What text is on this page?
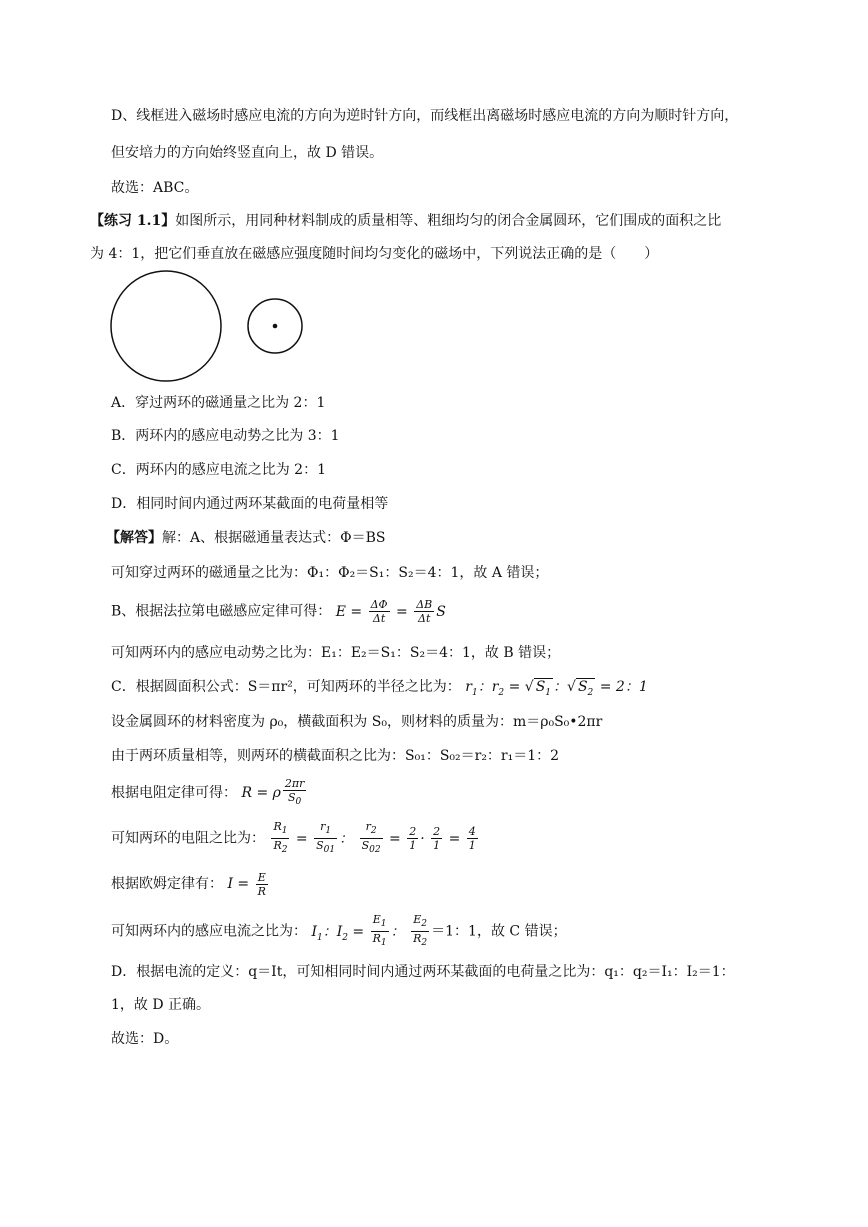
D、线框进入磁场时感应电流的方向为逆时针方向，而线框出离磁场时感应电流的方向为顺时针方向，
但安培力的方向始终竖直向上，故 D 错误。
故选：ABC。
【练习 1.1】如图所示，用同种材料制成的质量相等、粗细均匀的闭合金属圆环，它们围成的面积之比
为 4：1，把它们垂直放在磁感应强度随时间均匀变化的磁场中，下列说法正确的是（　　）
A．穿过两环的磁通量之比为 2：1
B．两环内的感应电动势之比为 3：1
C．两环内的感应电流之比为 2：1
D．相同时间内通过两环某截面的电荷量相等
【解答】解：A、根据磁通量表达式：Φ＝BS
可知穿过两环的磁通量之比为：Φ₁：Φ₂＝S₁：S₂＝4：1，故 A 错误；
B、根据法拉第电磁感应定律可得： $E = \frac{\Delta\Phi}{\Delta t} = \frac{\Delta B}{\Delta t}$ S
可知两环内的感应电动势之比为：E₁：E₂＝S₁：S₂＝4：1，故 B 错误；
C．根据圆面积公式：S＝πr²，可知两环的半径之比为： $r_1$：$r_2$ = √ $S_1$ ：√ $S_2 = 2$：1
设金属圆环的材料密度为 ρ₀，横截面积为 S₀，则材料的质量为：m＝ρ₀S₀•2πr
由于两环质量相等，则两环的横截面积之比为：S₀₁：S₀₂＝r₂：r₁＝1：2
根据电阻定律可得： R = ρ $\frac{2\pi r}{S_0}$
可知两环的电阻之比为： $\frac{R_1}{R_2} = \frac{r_1}{S_{01}}$ ： $\frac{r_2}{S_{02}} = \frac{2}{1} \cdot \frac{2}{1} = \frac{4}{1}$
根据欧姆定律有： $I = \frac{E}{R}$
可知两环内的感应电流之比为： $I_1$：$I_2 = \frac{E_1}{R_1}$ ： $\frac{E_2}{R_2} =1$：1，故 C 错误；
D．根据电流的定义：q＝It，可知相同时间内通过两环某截面的电荷量之比为：q₁：q₂＝I₁：I₂＝1：
1，故 D 正确。
故选：D。
